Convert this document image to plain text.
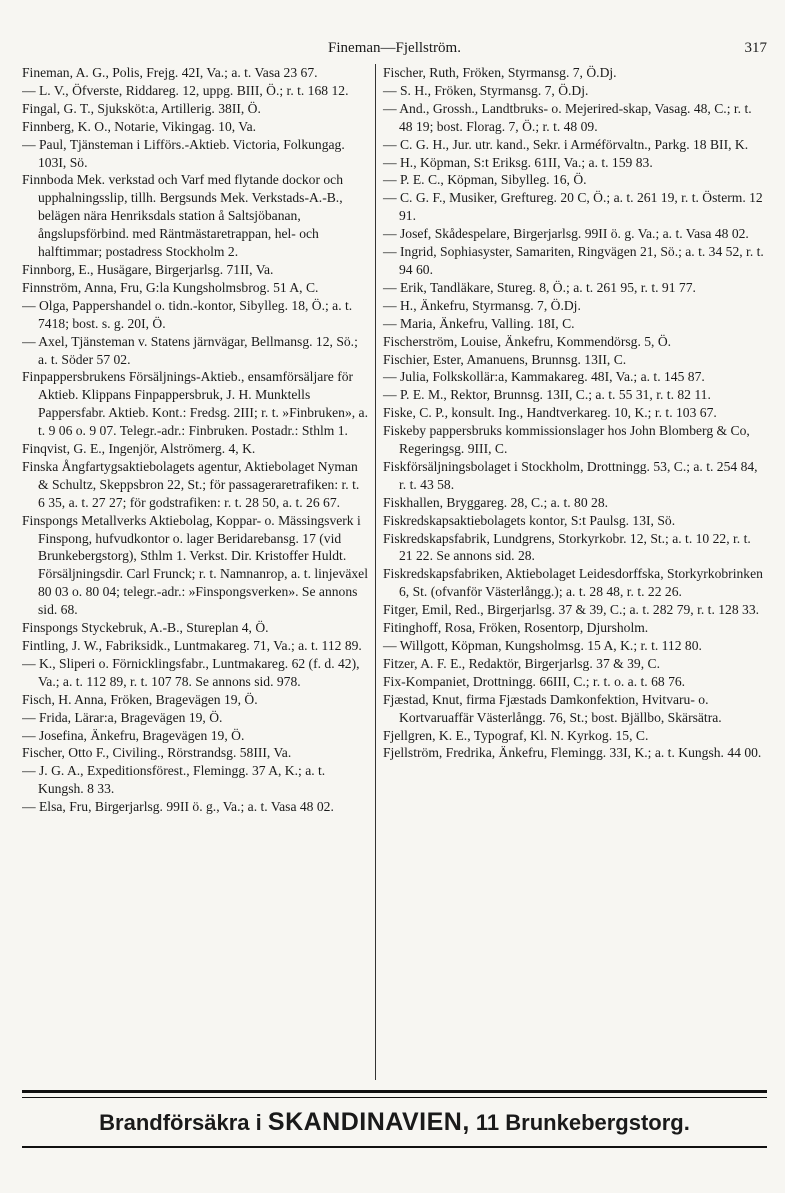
Fineman—Fjellström.	317
Fineman, A. G., Polis, Frejg. 42I, Va.; a. t. Vasa 23 67.
— L. V., Öfverste, Riddareg. 12, uppg. BIII, Ö.; r. t. 168 12.
Fingal, G. T., Sjuksköt:a, Artillerig. 38II, Ö.
Finnberg, K. O., Notarie, Vikingag. 10, Va.
— Paul, Tjänsteman i Lifförs.-Aktieb. Victoria, Folkungag. 103I, Sö.
Finnboda Mek. verkstad och Varf med flytande dockor och upphalningsslip, tillh. Bergsunds Mek. Verkstads-A.-B., belägen nära Henriksdals station å Saltsjöbanan, ångslupsförbind. med Räntmästaretrappan, hel- och halftimmar; postadress Stockholm 2.
Finnborg, E., Husägare, Birgerjarlsg. 71II, Va.
Finnström, Anna, Fru, G:la Kungsholmsbrog. 51 A, C.
— Olga, Pappershandel o. tidn.-kontor, Sibylleg. 18, Ö.; a. t. 7418; bost. s. g. 20I, Ö.
— Axel, Tjänsteman v. Statens järnvägar, Bellmansg. 12, Sö.; a. t. Söder 57 02.
Finpappersbrukens Försäljnings-Aktieb., ensamförsäljare för Aktieb. Klippans Finpappersbruk, J. H. Munktells Pappersfabr. Aktieb. Kont.: Fredsg. 2III; r. t. »Finbruken», a. t. 9 06 o. 9 07. Telegr.-adr.: Finbruken. Postadr.: Sthlm 1.
Finqvist, G. E., Ingenjör, Alströmerg. 4, K.
Finska Ångfartygsaktiebolagets agentur, Aktiebolaget Nyman & Schultz, Skeppsbron 22, St.; för passageraretrafiken: r. t. 6 35, a. t. 27 27; för godstrafiken: r. t. 28 50, a. t. 26 67.
Finspongs Metallverks Aktiebolag, Koppar- o. Mässingsverk i Finspong, hufvudkontor o. lager Beridarebansg. 17 (vid Brunkebergstorg), Sthlm 1. Verkst. Dir. Kristoffer Huldt. Försäljningsdir. Carl Frunck; r. t. Namnanrop, a. t. linjeväxel 80 03 o. 80 04; telegr.-adr.: »Finspongsverken». Se annons sid. 68.
Finspongs Styckebruk, A.-B., Stureplan 4, Ö.
Fintling, J. W., Fabriksidk., Luntmakareg. 71, Va.; a. t. 112 89.
— K., Sliperi o. Förnicklingsfabr., Luntmakareg. 62 (f. d. 42), Va.; a. t. 112 89, r. t. 107 78. Se annons sid. 978.
Fisch, H. Anna, Fröken, Bragevägen 19, Ö.
— Frida, Lärar:a, Bragevägen 19, Ö.
— Josefina, Änkefru, Bragevägen 19, Ö.
Fischer, Otto F., Civiling., Rörstrandsg. 58III, Va.
— J. G. A., Expeditionsförest., Flemingg. 37 A, K.; a. t. Kungsh. 8 33.
— Elsa, Fru, Birgerjarlsg. 99II ö. g., Va.; a. t. Vasa 48 02.
Fischer, Ruth, Fröken, Styrmansg. 7, Ö.Dj.
— S. H., Fröken, Styrmansg. 7, Ö.Dj.
— And., Grossh., Landtbruks- o. Mejerired-skap, Vasag. 48, C.; r. t. 48 19; bost. Florag. 7, Ö.; r. t. 48 09.
— C. G. H., Jur. utr. kand., Sekr. i Arméförvaltn., Parkg. 18 BII, K.
— H., Köpman, S:t Eriksg. 61II, Va.; a. t. 159 83.
— P. E. C., Köpman, Sibylleg. 16, Ö.
— C. G. F., Musiker, Greftureg. 20 C, Ö.; a. t. 261 19, r. t. Österm. 12 91.
— Josef, Skådespelare, Birgerjarlsg. 99II ö. g. Va.; a. t. Vasa 48 02.
— Ingrid, Sophiasyster, Samariten, Ringvägen 21, Sö.; a. t. 34 52, r. t. 94 60.
— Erik, Tandläkare, Stureg. 8, Ö.; a. t. 261 95, r. t. 91 77.
— H., Änkefru, Styrmansg. 7, Ö.Dj.
— Maria, Änkefru, Valling. 18I, C.
Fischerström, Louise, Änkefru, Kommendörsg. 5, Ö.
Fischier, Ester, Amanuens, Brunnsg. 13II, C.
— Julia, Folkskollär:a, Kammakareg. 48I, Va.; a. t. 145 87.
— P. E. M., Rektor, Brunnsg. 13II, C.; a. t. 55 31, r. t. 82 11.
Fiske, C. P., konsult. Ing., Handtverkareg. 10, K.; r. t. 103 67.
Fiskeby pappersbruks kommissionslager hos John Blomberg & Co, Regeringsg. 9III, C.
Fiskförsäljningsbolaget i Stockholm, Drottningg. 53, C.; a. t. 254 84, r. t. 43 58.
Fiskhallen, Bryggareg. 28, C.; a. t. 80 28.
Fiskredskapsaktiebolagets kontor, S:t Paulsg. 13I, Sö.
Fiskredskapsfabrik, Lundgrens, Storkyrkobr. 12, St.; a. t. 10 22, r. t. 21 22. Se annons sid. 28.
Fiskredskapsfabriken, Aktiebolaget Leidesdorffska, Storkyrkobrinken 6, St. (ofvanför Västerlångg.); a. t. 28 48, r. t. 22 26.
Fitger, Emil, Red., Birgerjarlsg. 37 & 39, C.; a. t. 282 79, r. t. 128 33.
Fitinghoff, Rosa, Fröken, Rosentorp, Djursholm.
— Willgott, Köpman, Kungsholmsg. 15 A, K.; r. t. 112 80.
Fitzer, A. F. E., Redaktör, Birgerjarlsg. 37 & 39, C.
Fix-Kompaniet, Drottningg. 66III, C.; r. t. o. a. t. 68 76.
Fjæstad, Knut, firma Fjæstads Damkonfektion, Hvitvaru- o. Kortvaruaffär Västerlångg. 76, St.; bost. Bjällbo, Skärsätra.
Fjellgren, K. E., Typograf, Kl. N. Kyrkog. 15, C.
Fjellström, Fredrika, Änkefru, Flemingg. 33I, K.; a. t. Kungsh. 44 00.
Brandförsäkra i SKANDINAVIEN, 11 Brunkebergstorg.
